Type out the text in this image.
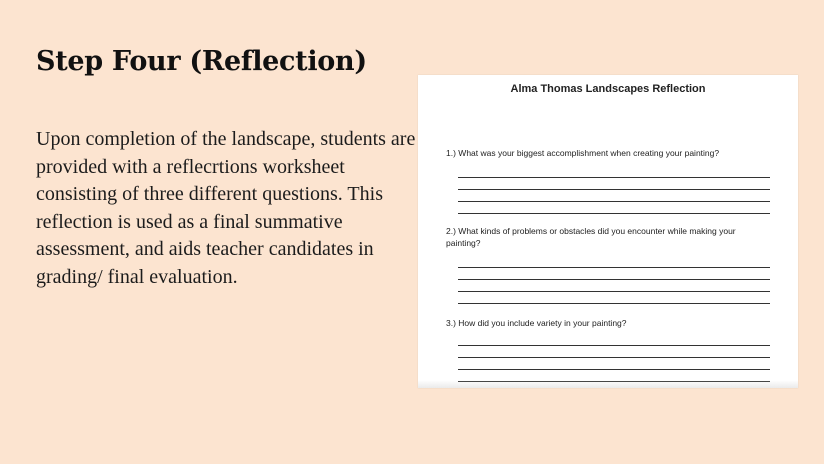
Step Four (Reflection)

Upon completion of the landscape, students are provided with a reflecrtions worksheet consisting of three different questions. This reflection is used as a final summative assessment, and aids teacher candidates in grading/ final evaluation.

Alma Thomas Landscapes Reflection
1.) What was your biggest accomplishment when creating your painting?
2.) What kinds of problems or obstacles did you encounter while making your painting?
3.) How did you include variety in your painting?
